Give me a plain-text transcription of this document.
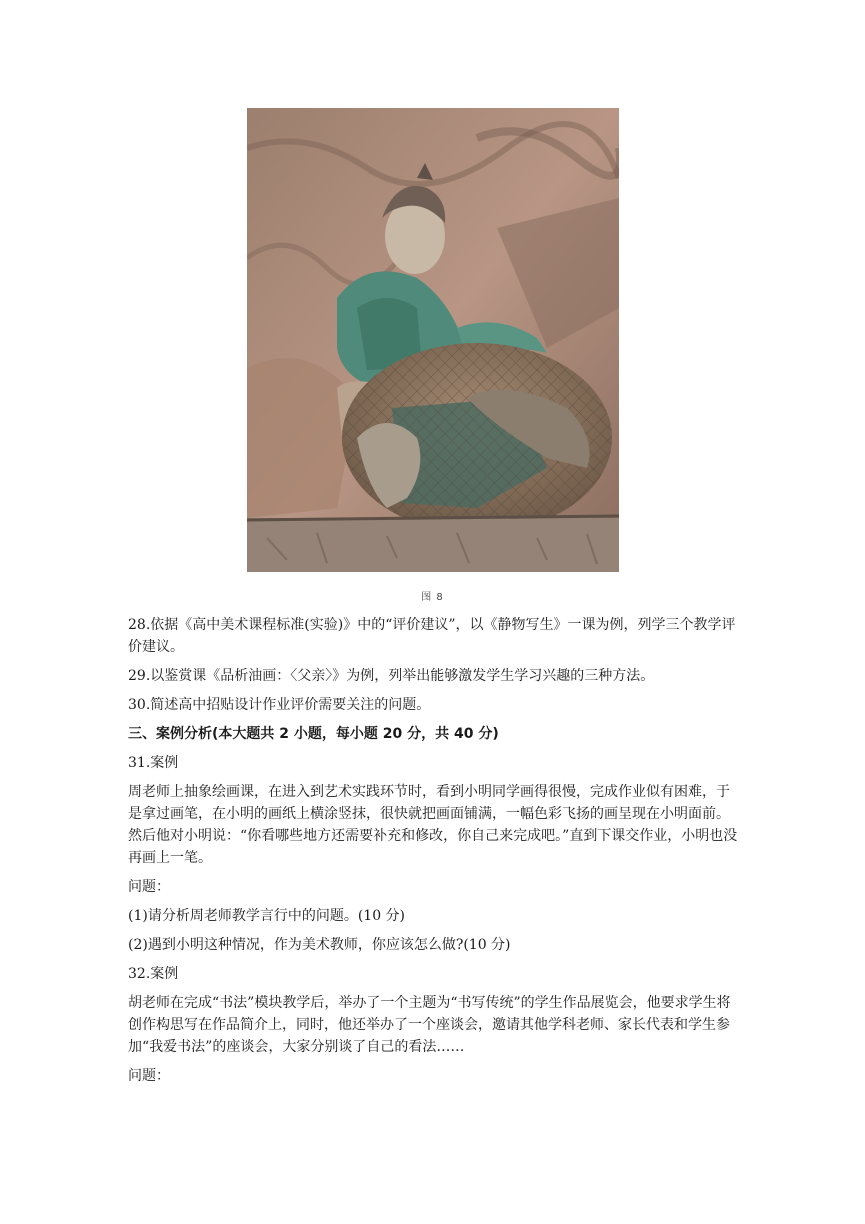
图 8
28.依据《高中美术课程标准(实验)》中的“评价建议”，以《静物写生》一课为例，列学三个教学评价建议。
29.以鉴赏课《品析油画：〈父亲〉》为例，列举出能够激发学生学习兴趣的三种方法。
30.简述高中招贴设计作业评价需要关注的问题。
三、案例分析(本大题共 2 小题，每小题 20 分，共 40 分)
31.案例
周老师上抽象绘画课，在进入到艺术实践环节时，看到小明同学画得很慢，完成作业似有困难，于是拿过画笔，在小明的画纸上横涂竖抹，很快就把画面铺满，一幅色彩飞扬的画呈现在小明面前。然后他对小明说：“你看哪些地方还需要补充和修改，你自己来完成吧。”直到下课交作业，小明也没再画上一笔。
问题：
(1)请分析周老师教学言行中的问题。(10 分)
(2)遇到小明这种情况，作为美术教师，你应该怎么做?(10 分)
32.案例
胡老师在完成“书法”模块教学后，举办了一个主题为“书写传统”的学生作品展览会，他要求学生将创作构思写在作品简介上，同时，他还举办了一个座谈会，邀请其他学科老师、家长代表和学生参加“我爱书法”的座谈会，大家分别谈了自己的看法……
问题：
